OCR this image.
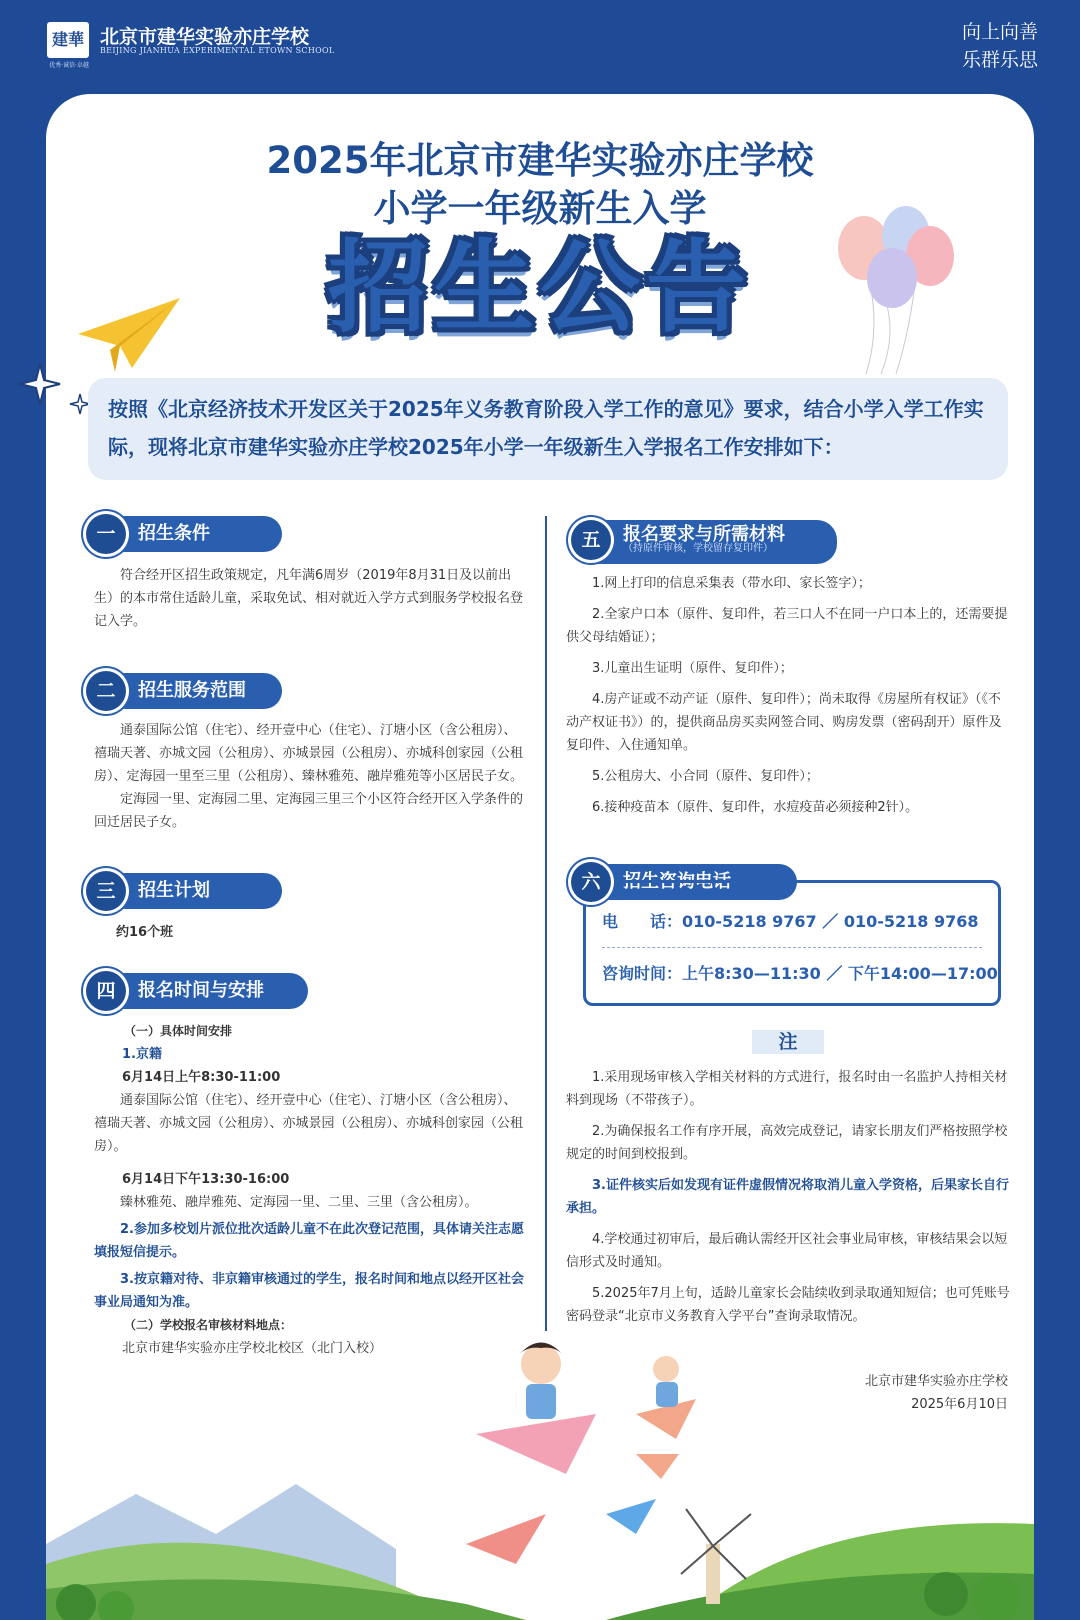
建華
优秀·诚信·卓越
北京市建华实验亦庄学校
BEIJING JIANHUA EXPERIMENTAL ETOWN SCHOOL
向上向善
乐群乐思
2025年北京市建华实验亦庄学校
小学一年级新生入学
招生公告
按照《北京经济技术开发区关于2025年义务教育阶段入学工作的意见》要求，结合小学入学工作实际，现将北京市建华实验亦庄学校2025年小学一年级新生入学报名工作安排如下：
一	招生条件

符合经开区招生政策规定，凡年满6周岁（2019年8月31日及以前出生）的本市常住适龄儿童，采取免试、相对就近入学方式到服务学校报名登记入学。

二	招生服务范围

通泰国际公馆（住宅）、经开壹中心（住宅）、汀塘小区（含公租房）、禧瑞天著、亦城文园（公租房）、亦城景园（公租房）、亦城科创家园（公租房）、定海园一里至三里（公租房）、臻林雅苑、融岸雅苑等小区居民子女。

定海园一里、定海园二里、定海园三里三个小区符合经开区入学条件的回迁居民子女。

三	招生计划
约16个班
四	报名时间与安排

（一）具体时间安排

1.京籍

6月14日上午8:30-11:00

通泰国际公馆（住宅）、经开壹中心（住宅）、汀塘小区（含公租房）、禧瑞天著、亦城文园（公租房）、亦城景园（公租房）、亦城科创家园（公租房）。

6月14日下午13:30-16:00

臻林雅苑、融岸雅苑、定海园一里、二里、三里（含公租房）。

2.参加多校划片派位批次适龄儿童不在此次登记范围，具体请关注志愿填报短信提示。

3.按京籍对待、非京籍审核通过的学生，报名时间和地点以经开区社会事业局通知为准。

（二）学校报名审核材料地点：

北京市建华实验亦庄学校北校区（北门入校）

五	报名要求与所需材料
（持原件审核，学校留存复印件）

1.网上打印的信息采集表（带水印、家长签字）；

2.全家户口本（原件、复印件，若三口人不在同一户口本上的，还需要提供父母结婚证）；

3.儿童出生证明（原件、复印件）；

4.房产证或不动产证（原件、复印件）；尚未取得《房屋所有权证》（《不动产权证书》）的，提供商品房买卖网签合同、购房发票（密码刮开）原件及复印件、入住通知单。

5.公租房大、小合同（原件、复印件）；

6.接种疫苗本（原件、复印件，水痘疫苗必须接种2针）。

六	招生咨询电话
电　　话：010-5218 9767 ／ 010-5218 9768
咨询时间：上午8:30—11:30 ／ 下午14:00—17:00
注

1.采用现场审核入学相关材料的方式进行，报名时由一名监护人持相关材料到现场（不带孩子）。

2.为确保报名工作有序开展，高效完成登记，请家长朋友们严格按照学校规定的时间到校报到。

3.证件核实后如发现有证件虚假情况将取消儿童入学资格，后果家长自行承担。

4.学校通过初审后，最后确认需经开区社会事业局审核，审核结果会以短信形式及时通知。

5.2025年7月上旬，适龄儿童家长会陆续收到录取通知短信；也可凭账号密码登录“北京市义务教育入学平台”查询录取情况。

北京市建华实验亦庄学校
2025年6月10日
